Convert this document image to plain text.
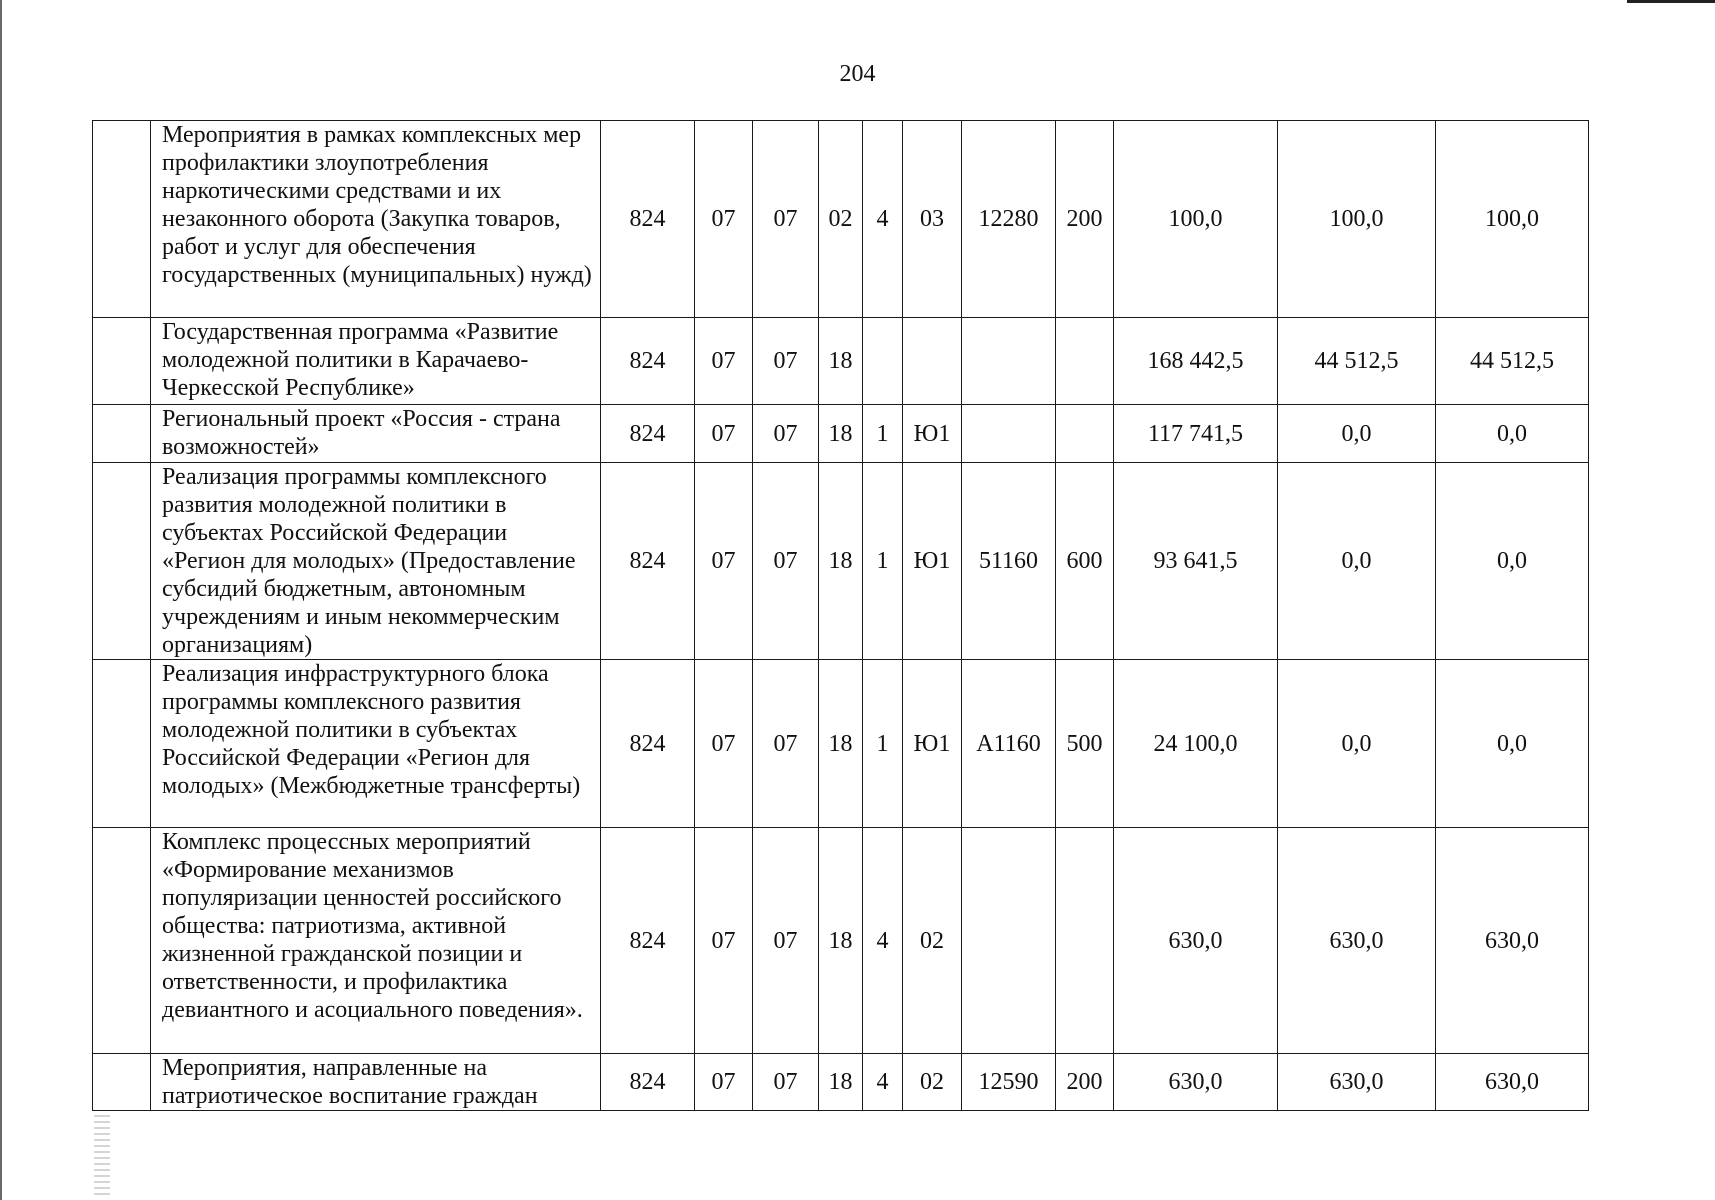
204
	Мероприятия в рамках комплексных мер профилактики злоупотребления наркотическими средствами и их незаконного оборота (Закупка товаров, работ и услуг для обеспечения государственных (муниципальных) нужд)	824	07	07	02	4	03	12280	200	100,0	100,0	100,0
	Государственная программа «Развитие молодежной политики в Карачаево-Черкесской Республике»	824	07	07	18					168 442,5	44 512,5	44 512,5
	Региональный проект «Россия - страна возможностей»	824	07	07	18	1	Ю1			117 741,5	0,0	0,0
	Реализация программы комплексного развития молодежной политики в субъектах Российской Федерации «Регион для молодых» (Предоставление субсидий бюджетным, автономным учреждениям и иным некоммерческим организациям)	824	07	07	18	1	Ю1	51160	600	93 641,5	0,0	0,0
	Реализация инфраструктурного блока программы комплексного развития молодежной политики в субъектах Российской Федерации «Регион для молодых» (Межбюджетные трансферты)	824	07	07	18	1	Ю1	А1160	500	24 100,0	0,0	0,0
	Комплекс процессных мероприятий «Формирование механизмов популяризации ценностей российского общества: патриотизма, активной жизненной гражданской позиции и ответственности, и профилактика девиантного и асоциального поведения».	824	07	07	18	4	02			630,0	630,0	630,0
	Мероприятия, направленные на патриотическое воспитание граждан	824	07	07	18	4	02	12590	200	630,0	630,0	630,0
